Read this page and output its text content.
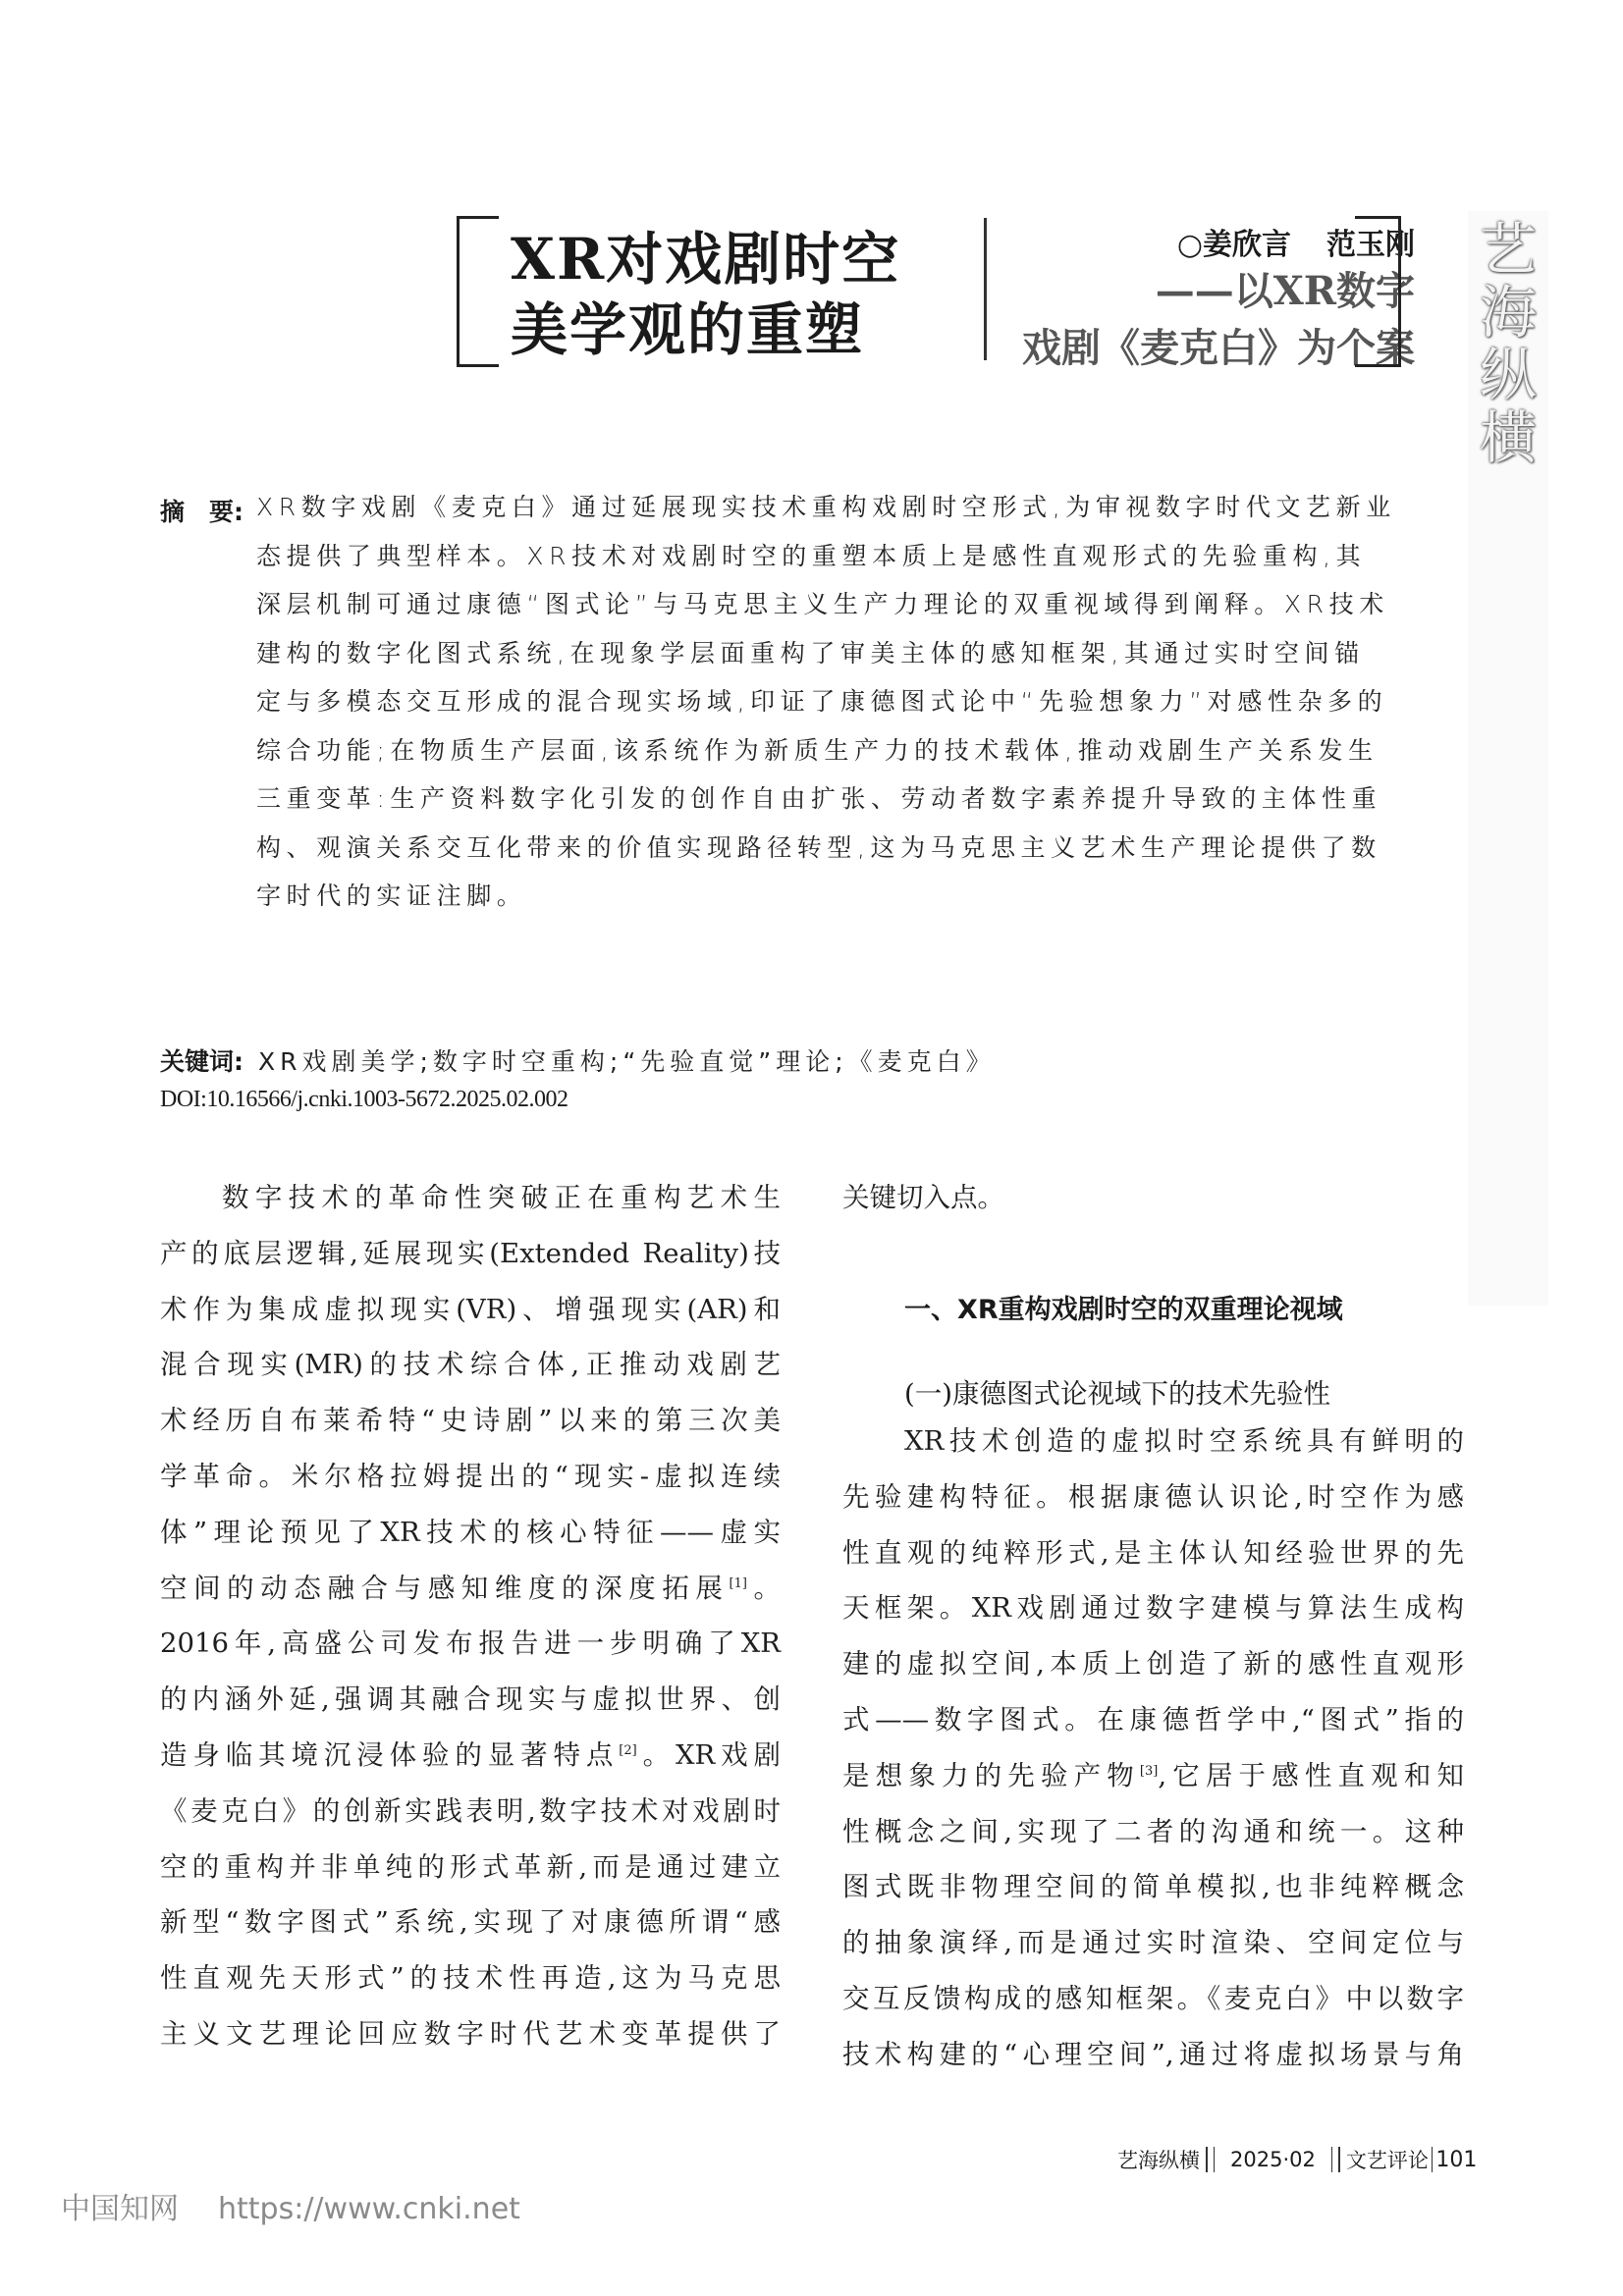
XR对戏剧时空
美学观的重塑
○姜欣言 范玉刚
——以XR数字
戏剧《麦克白》为个案
艺
海
纵
横
摘　要: XR数字戏剧《麦克白》通过延展现实技术重构戏剧时空形式,为审视数字时代文艺新业
态提供了典型样本。XR技术对戏剧时空的重塑本质上是感性直观形式的先验重构,其
深层机制可通过康德“图式论”与马克思主义生产力理论的双重视域得到阐释。XR技术
建构的数字化图式系统,在现象学层面重构了审美主体的感知框架,其通过实时空间锚
定与多模态交互形成的混合现实场域,印证了康德图式论中“先验想象力”对感性杂多的
综合功能;在物质生产层面,该系统作为新质生产力的技术载体,推动戏剧生产关系发生
三重变革:生产资料数字化引发的创作自由扩张、劳动者数字素养提升导致的主体性重
构、观演关系交互化带来的价值实现路径转型,这为马克思主义艺术生产理论提供了数
字时代的实证注脚。
关键词: XR戏剧美学;数字时空重构;“先验直觉”理论;《麦克白》
DOI:10.16566/j.cnki.1003-5672.2025.02.002
数字技术的革命性突破正在重构艺术生
产的底层逻辑,延展现实(Extended Reality)技
术作为集成虚拟现实(VR)、增强现实(AR)和
混合现实(MR)的技术综合体,正推动戏剧艺
术经历自布莱希特“史诗剧”以来的第三次美
学革命。米尔格拉姆提出的“现实-虚拟连续
体”理论预见了XR技术的核心特征——虚实
空间的动态融合与感知维度的深度拓展[1]。
2016年,高盛公司发布报告进一步明确了XR
的内涵外延,强调其融合现实与虚拟世界、创
造身临其境沉浸体验的显著特点[2]。XR戏剧
《麦克白》的创新实践表明,数字技术对戏剧时
空的重构并非单纯的形式革新,而是通过建立
新型“数字图式”系统,实现了对康德所谓“感
性直观先天形式”的技术性再造,这为马克思
主义文艺理论回应数字时代艺术变革提供了
关键切入点。
一、XR重构戏剧时空的双重理论视域
(一)康德图式论视域下的技术先验性
XR技术创造的虚拟时空系统具有鲜明的
先验建构特征。根据康德认识论,时空作为感
性直观的纯粹形式,是主体认知经验世界的先
天框架。XR戏剧通过数字建模与算法生成构
建的虚拟空间,本质上创造了新的感性直观形
式——数字图式。在康德哲学中,“图式”指的
是想象力的先验产物[3],它居于感性直观和知
性概念之间,实现了二者的沟通和统一。这种
图式既非物理空间的简单模拟,也非纯粹概念
的抽象演绎,而是通过实时渲染、空间定位与
交互反馈构成的感知框架。《麦克白》中以数字
技术构建的“心理空间”,通过将虚拟场景与角
艺海纵横 2025·02 文艺评论 101
中国知网 https://www.cnki.net
